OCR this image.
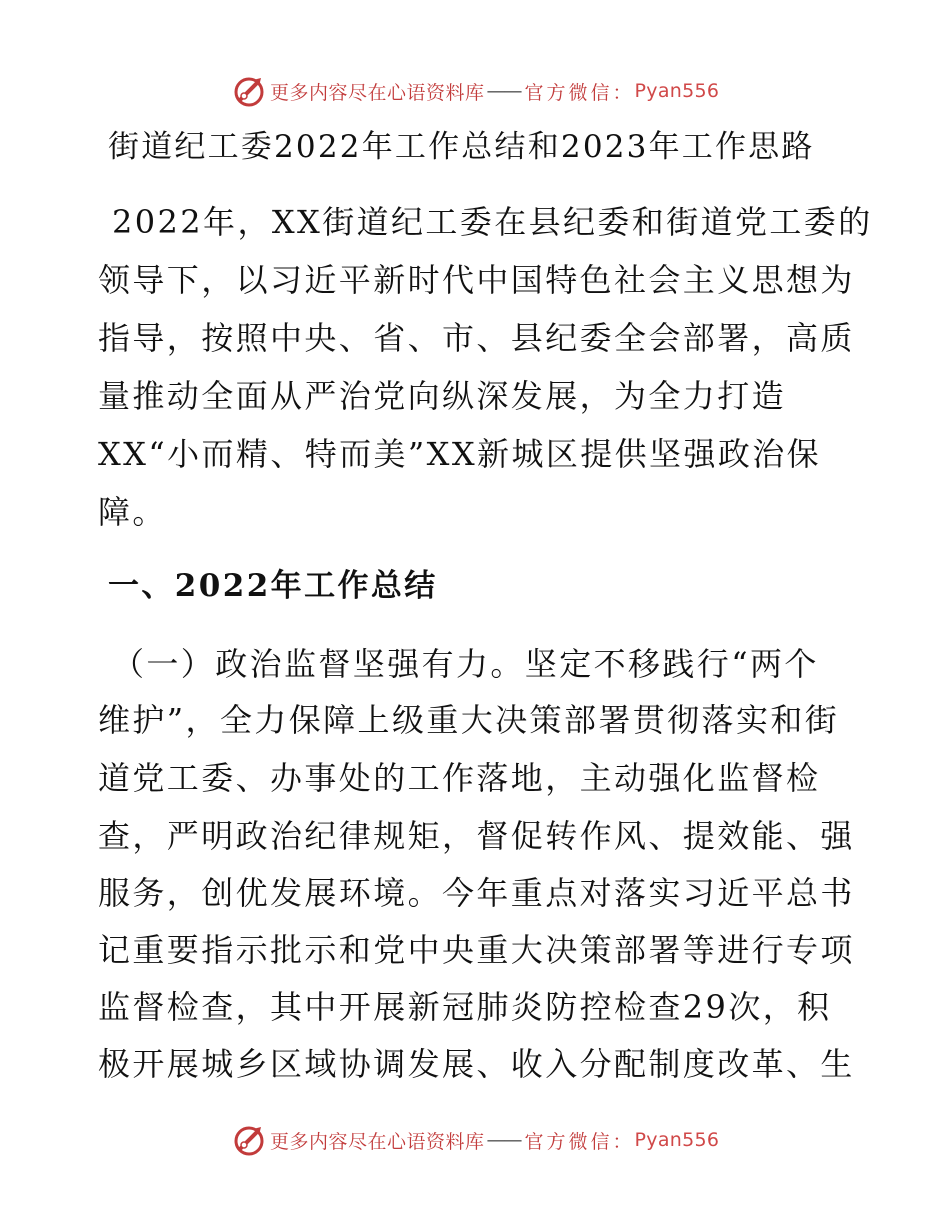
更多内容尽在心语资料库 —— 官方微信： Pyan556
街道纪工委2022年工作总结和2023年工作思路

2022年，XX街道纪工委在县纪委和街道党工委的

领导下，以习近平新时代中国特色社会主义思想为

指导，按照中央、省、市、县纪委全会部署，高质

量推动全面从严治党向纵深发展，为全力打造

XX“小而精、特而美”XX新城区提供坚强政治保

障。

一、2022年工作总结

（一）政治监督坚强有力。坚定不移践行“两个

维护”，全力保障上级重大决策部署贯彻落实和街

道党工委、办事处的工作落地，主动强化监督检

查，严明政治纪律规矩，督促转作风、提效能、强

服务，创优发展环境。今年重点对落实习近平总书

记重要指示批示和党中央重大决策部署等进行专项

监督检查，其中开展新冠肺炎防控检查29次，积

极开展城乡区域协调发展、收入分配制度改革、生

更多内容尽在心语资料库 —— 官方微信： Pyan556
